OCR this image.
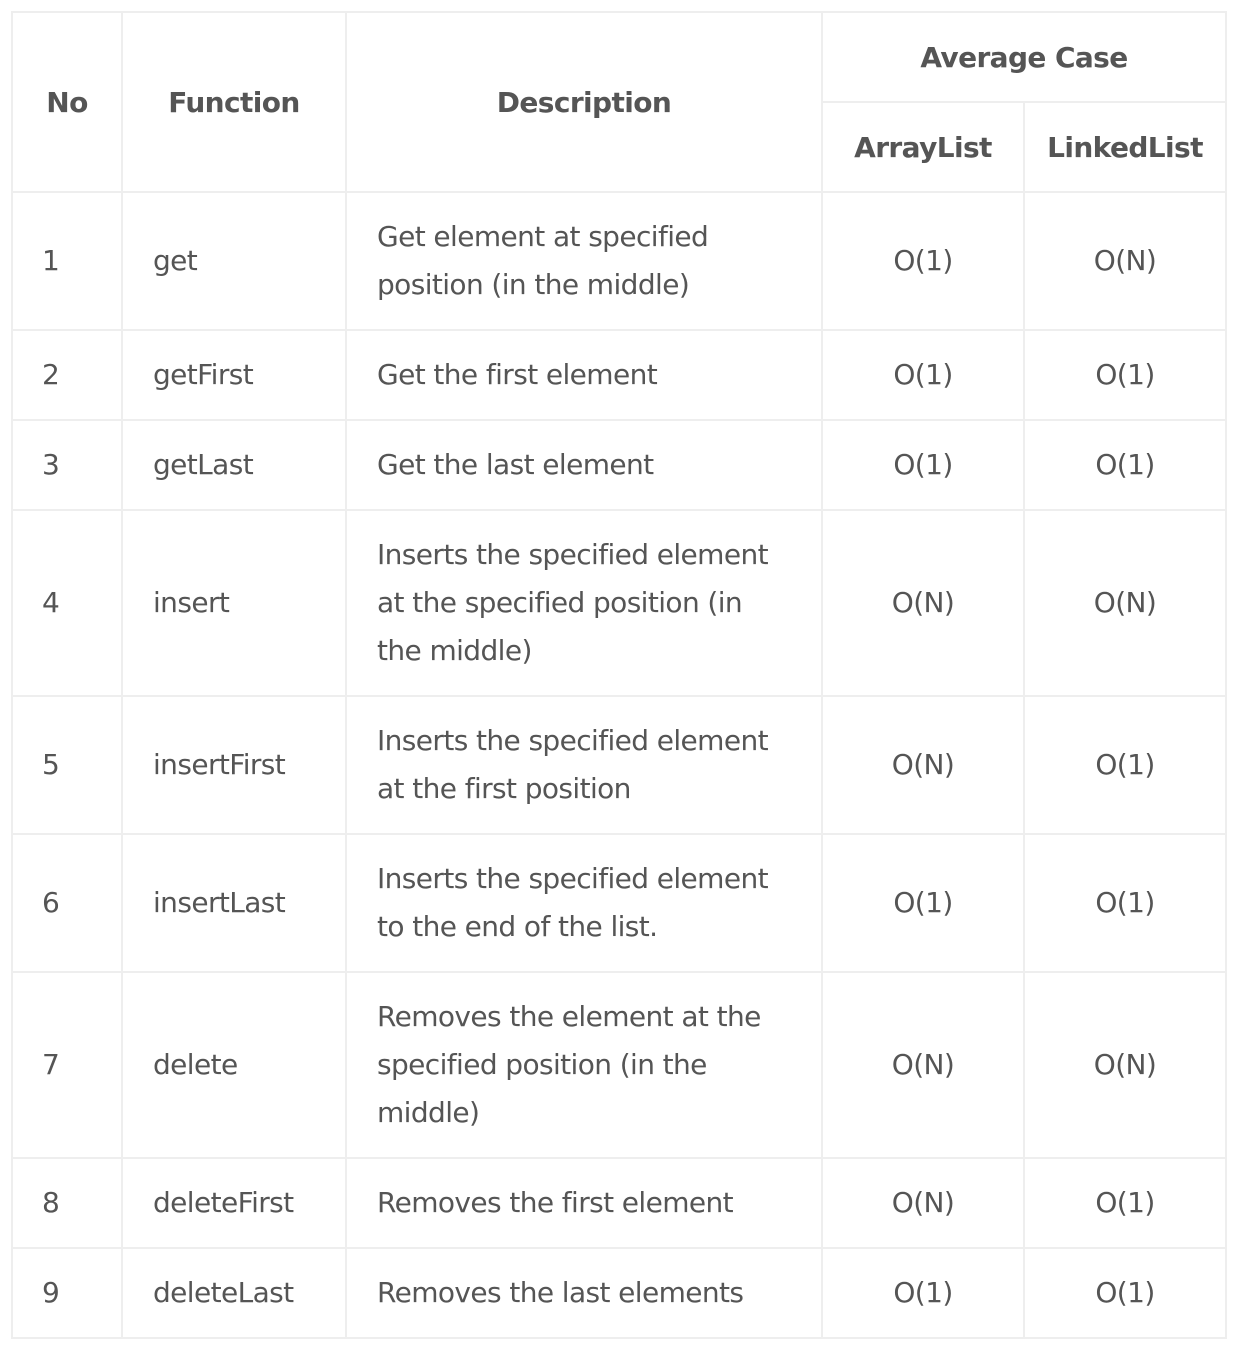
No	Function	Description	Average Case	
			ArrayList	LinkedList
1	get	Get element at specified position (in the middle)	O(1)	O(N)
2	getFirst	Get the first element	O(1)	O(1)
3	getLast	Get the last element	O(1)	O(1)
4	insert	Inserts the specified element at the specified position (in the middle)	O(N)	O(N)
5	insertFirst	Inserts the specified element at the first position	O(N)	O(1)
6	insertLast	Inserts the specified element to the end of the list.	O(1)	O(1)
7	delete	Removes the element at the specified position (in the middle)	O(N)	O(N)
8	deleteFirst	Removes the first element	O(N)	O(1)
9	deleteLast	Removes the last elements	O(1)	O(1)
